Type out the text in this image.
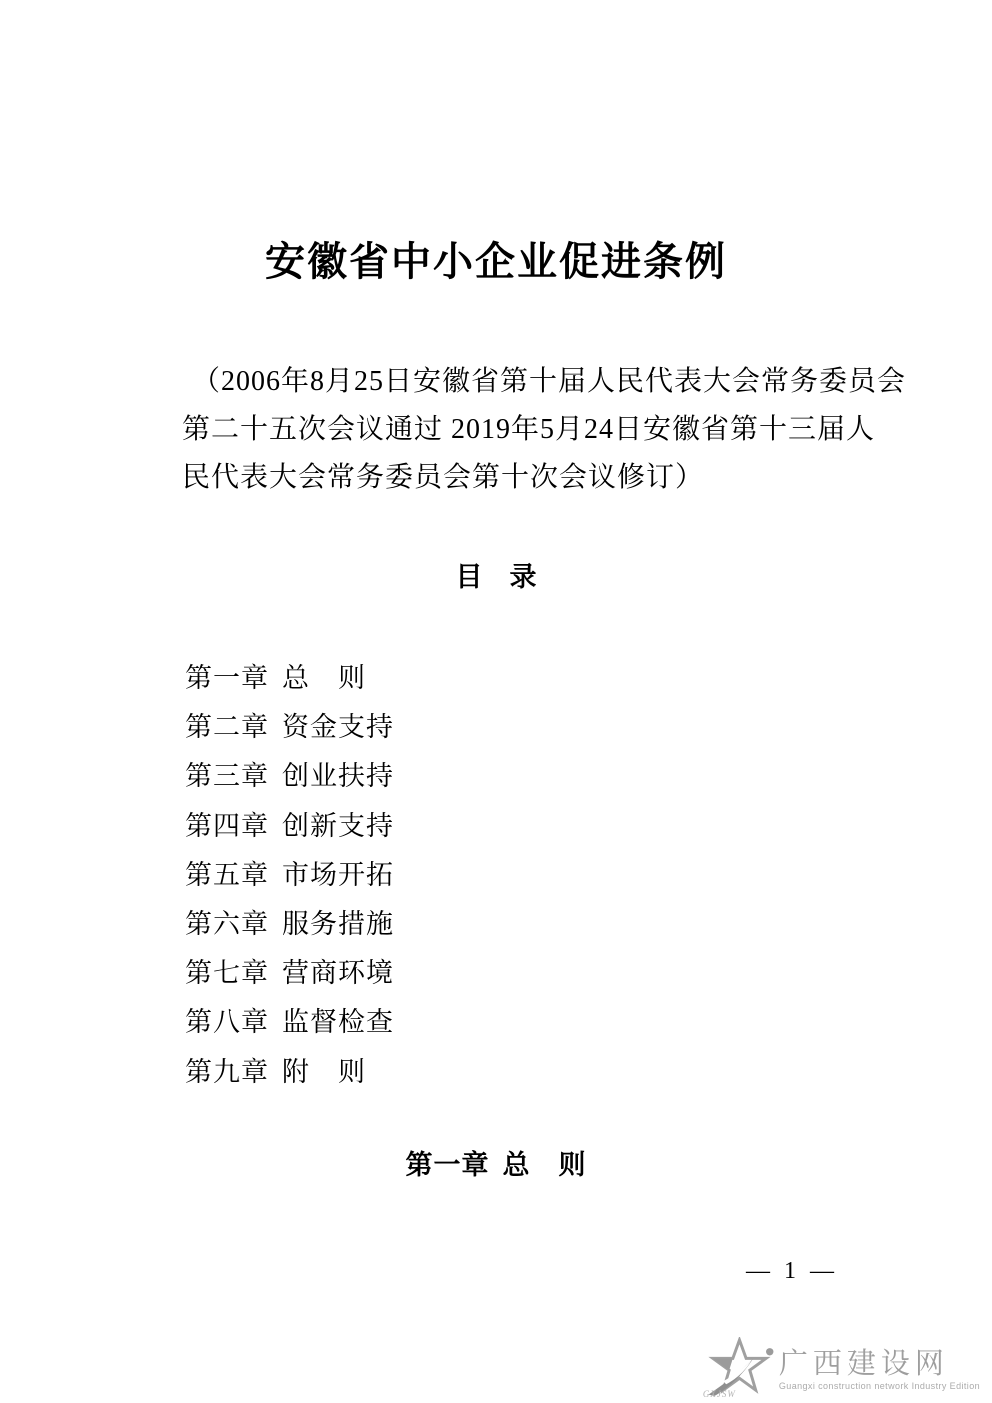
安徽省中小企业促进条例
（2006年8月25日安徽省第十届人民代表大会常务委员会
第二十五次会议通过 2019年5月24日安徽省第十三届人
民代表大会常务委员会第十次会议修订）
目　录
第一章 总　则
第二章 资金支持
第三章 创业扶持
第四章 创新支持
第五章 市场开拓
第六章 服务措施
第七章 营商环境
第八章 监督检查
第九章 附　则
第一章 总　则
— 1 —
GXJSW
广西建设网
Guangxi construction network Industry Edition
